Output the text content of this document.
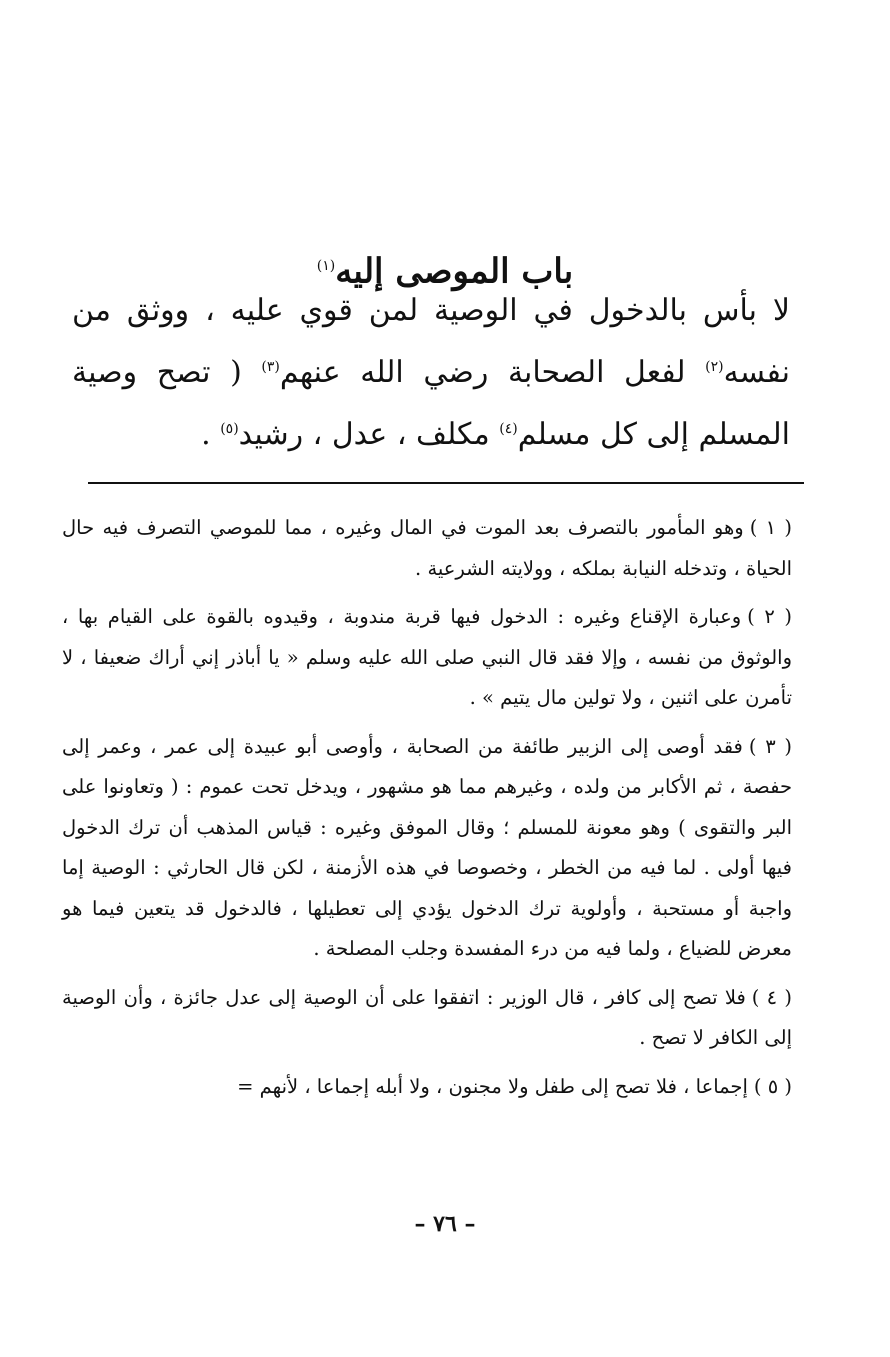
باب الموصى إليه$^{(١)}$

لا بأس بالدخول في الوصية لمن قوي عليه ، ووثق من نفسه$^{(٢)}$ لفعل الصحابة رضي الله عنهم$^{(٣)}$ ( تصح وصية المسلم إلى كل مسلم$^{(٤)}$ مكلف ، عدل ، رشيد$^{(٥)}$ .

( ١ )وهو المأمور بالتصرف بعد الموت في المال وغيره ، مما للموصي التصرف فيه حال الحياة ، وتدخله النيابة بملكه ، وولايته الشرعية .

( ٢ )وعبارة الإقناع وغيره : الدخول فيها قربة مندوبة ، وقيدوه بالقوة على القيام بها ، والوثوق من نفسه ، وإلا فقد قال النبي صلى الله عليه وسلم « يا أباذر إني أراك ضعيفا ، لا تأمرن على اثنين ، ولا تولين مال يتيم » .

( ٣ )فقد أوصى إلى الزبير طائفة من الصحابة ، وأوصى أبو عبيدة إلى عمر ، وعمر إلى حفصة ، ثم الأكابر من ولده ، وغيرهم مما هو مشهور ، ويدخل تحت عموم : ( وتعاونوا على البر والتقوى ) وهو معونة للمسلم ؛ وقال الموفق وغيره : قياس المذهب أن ترك الدخول فيها أولى . لما فيه من الخطر ، وخصوصا في هذه الأزمنة ، لكن قال الحارثي : الوصية إما واجبة أو مستحبة ، وأولوية ترك الدخول يؤدي إلى تعطيلها ، فالدخول قد يتعين فيما هو معرض للضياع ، ولما فيه من درء المفسدة وجلب المصلحة .

( ٤ )فلا تصح إلى كافر ، قال الوزير : اتفقوا على أن الوصية إلى عدل جائزة ، وأن الوصية إلى الكافر لا تصح .

( ٥ )إجماعا ، فلا تصح إلى طفل ولا مجنون ، ولا أبله إجماعا ، لأنهم =

– ٧٦ –
